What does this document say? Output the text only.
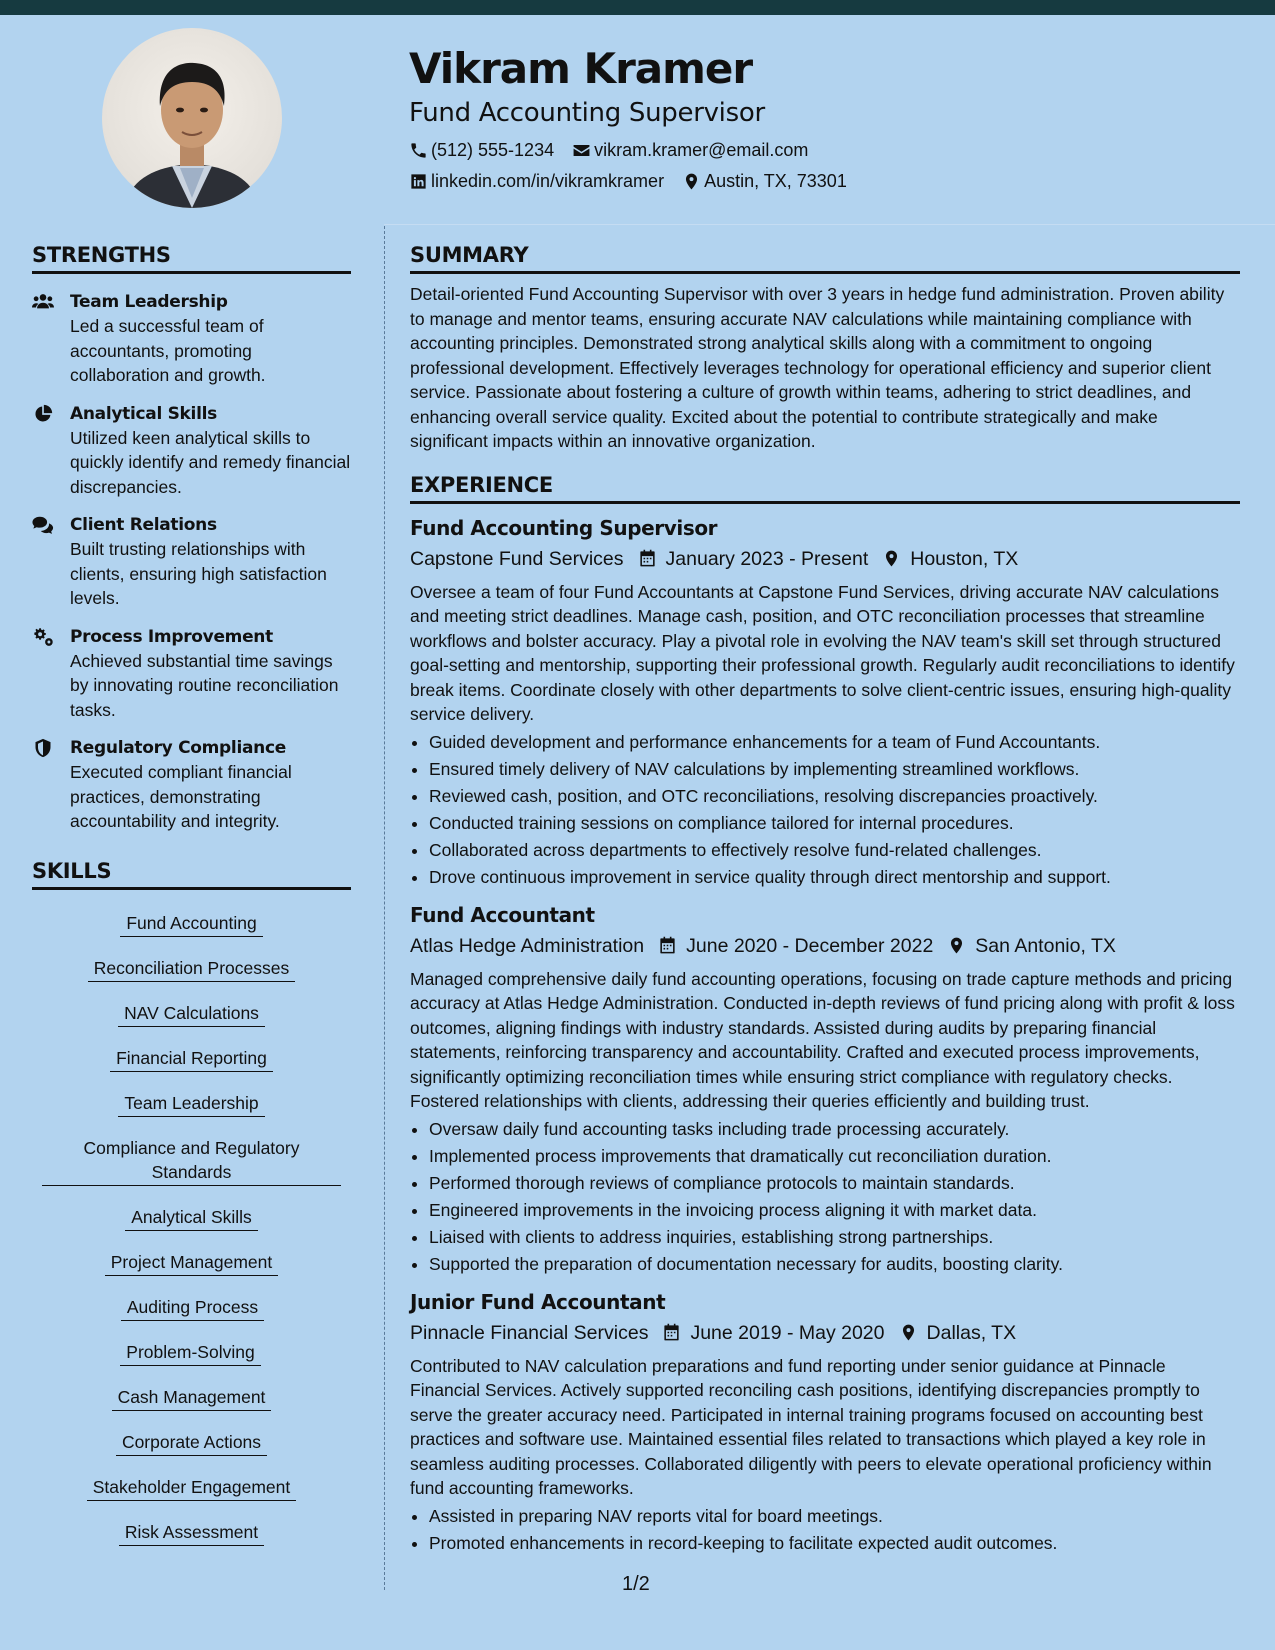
Vikram Kramer
Fund Accounting Supervisor
(512) 555-1234 vikram.kramer@email.com
linkedin.com/in/vikramkramer Austin, TX, 73301
STRENGTHS
Team Leadership
Led a successful team of accountants, promoting collaboration and growth.
Analytical Skills
Utilized keen analytical skills to quickly identify and remedy financial discrepancies.
Client Relations
Built trusting relationships with clients, ensuring high satisfaction levels.
Process Improvement
Achieved substantial time savings by innovating routine reconciliation tasks.
Regulatory Compliance
Executed compliant financial practices, demonstrating accountability and integrity.
SKILLS
Fund Accounting
Reconciliation Processes
NAV Calculations
Financial Reporting
Team Leadership
Compliance and Regulatory Standards
Analytical Skills
Project Management
Auditing Process
Problem-Solving
Cash Management
Corporate Actions
Stakeholder Engagement
Risk Assessment
SUMMARY

Detail-oriented Fund Accounting Supervisor with over 3 years in hedge fund administration. Proven ability to manage and mentor teams, ensuring accurate NAV calculations while maintaining compliance with accounting principles. Demonstrated strong analytical skills along with a commitment to ongoing professional development. Effectively leverages technology for operational efficiency and superior client service. Passionate about fostering a culture of growth within teams, adhering to strict deadlines, and enhancing overall service quality. Excited about the potential to contribute strategically and make significant impacts within an innovative organization.

EXPERIENCE
Fund Accounting Supervisor
Capstone Fund Services January 2023 - Present Houston, TX
Oversee a team of four Fund Accountants at Capstone Fund Services, driving accurate NAV calculations and meeting strict deadlines. Manage cash, position, and OTC reconciliation processes that streamline workflows and bolster accuracy. Play a pivotal role in evolving the NAV team's skill set through structured goal-setting and mentorship, supporting their professional growth. Regularly audit reconciliations to identify break items. Coordinate closely with other departments to solve client-centric issues, ensuring high-quality service delivery.
• Guided development and performance enhancements for a team of Fund Accountants.
• Ensured timely delivery of NAV calculations by implementing streamlined workflows.
• Reviewed cash, position, and OTC reconciliations, resolving discrepancies proactively.
• Conducted training sessions on compliance tailored for internal procedures.
• Collaborated across departments to effectively resolve fund-related challenges.
• Drove continuous improvement in service quality through direct mentorship and support.
Fund Accountant
Atlas Hedge Administration June 2020 - December 2022 San Antonio, TX
Managed comprehensive daily fund accounting operations, focusing on trade capture methods and pricing accuracy at Atlas Hedge Administration. Conducted in-depth reviews of fund pricing along with profit & loss outcomes, aligning findings with industry standards. Assisted during audits by preparing financial statements, reinforcing transparency and accountability. Crafted and executed process improvements, significantly optimizing reconciliation times while ensuring strict compliance with regulatory checks. Fostered relationships with clients, addressing their queries efficiently and building trust.
• Oversaw daily fund accounting tasks including trade processing accurately.
• Implemented process improvements that dramatically cut reconciliation duration.
• Performed thorough reviews of compliance protocols to maintain standards.
• Engineered improvements in the invoicing process aligning it with market data.
• Liaised with clients to address inquiries, establishing strong partnerships.
• Supported the preparation of documentation necessary for audits, boosting clarity.
Junior Fund Accountant
Pinnacle Financial Services June 2019 - May 2020 Dallas, TX
Contributed to NAV calculation preparations and fund reporting under senior guidance at Pinnacle Financial Services. Actively supported reconciling cash positions, identifying discrepancies promptly to serve the greater accuracy need. Participated in internal training programs focused on accounting best practices and software use. Maintained essential files related to transactions which played a key role in seamless auditing processes. Collaborated diligently with peers to elevate operational proficiency within fund accounting frameworks.
• Assisted in preparing NAV reports vital for board meetings.
• Promoted enhancements in record-keeping to facilitate expected audit outcomes.
1/2
